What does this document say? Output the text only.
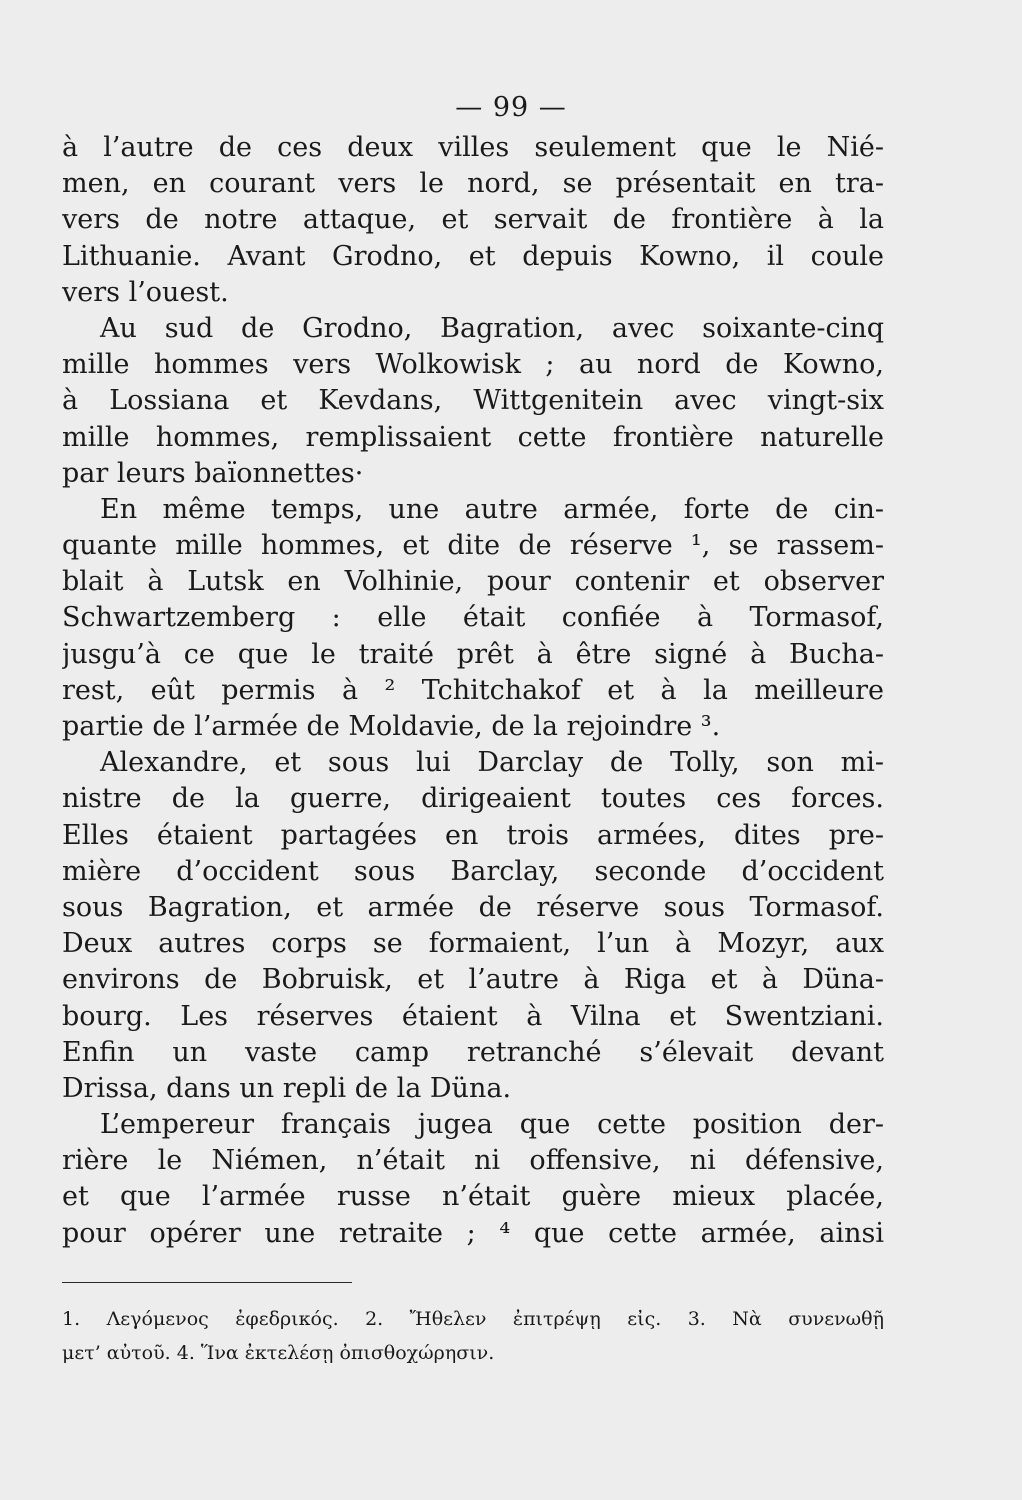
— 99 —
à l’autre de ces deux villes seulement que le Nié-
men, en courant vers le nord, se présentait en tra-
vers de notre attaque, et servait de frontière à la
Lithuanie. Avant Grodno, et depuis Kowno, il coule
vers l’ouest.
Au sud de Grodno, Bagration, avec soixante-cinq
mille hommes vers Wolkowisk ; au nord de Kowno,
à Lossiana et Kevdans, Wittgenitein avec vingt-six
mille hommes, remplissaient cette frontière naturelle
par leurs baïonnettes·
En même temps, une autre armée, forte de cin-
quante mille hommes, et dite de réserve ¹, se rassem-
blait à Lutsk en Volhinie, pour contenir et observer
Schwartzemberg : elle était confiée à Tormasof,
jusgu’à ce que le traité prêt à être signé à Bucha-
rest, eût permis à ² Tchitchakof et à la meilleure
partie de l’armée de Moldavie, de la rejoindre ³.
Alexandre, et sous lui Darclay de Tolly, son mi-
nistre de la guerre, dirigeaient toutes ces forces.
Elles étaient partagées en trois armées, dites pre-
mière d’occident sous Barclay, seconde d’occident
sous Bagration, et armée de réserve sous Tormasof.
Deux autres corps se formaient, l’un à Mozyr, aux
environs de Bobruisk, et l’autre à Riga et à Düna-
bourg. Les réserves étaient à Vilna et Swentziani.
Enfin un vaste camp retranché s’élevait devant
Drissa, dans un repli de la Düna.
L’empereur français jugea que cette position der-
rière le Niémen, n’était ni offensive, ni défensive,
et que l’armée russe n’était guère mieux placée,
pour opérer une retraite ; ⁴ que cette armée, ainsi
1. Λεγόμενος ἐφεδρικός. 2. Ἤθελεν ἐπιτρέψῃ εἰς. 3. Νὰ συνενωθῇ
μετ’ αὐτοῦ. 4. Ἵνα ἐκτελέσῃ ὀπισθοχώρησιν.
